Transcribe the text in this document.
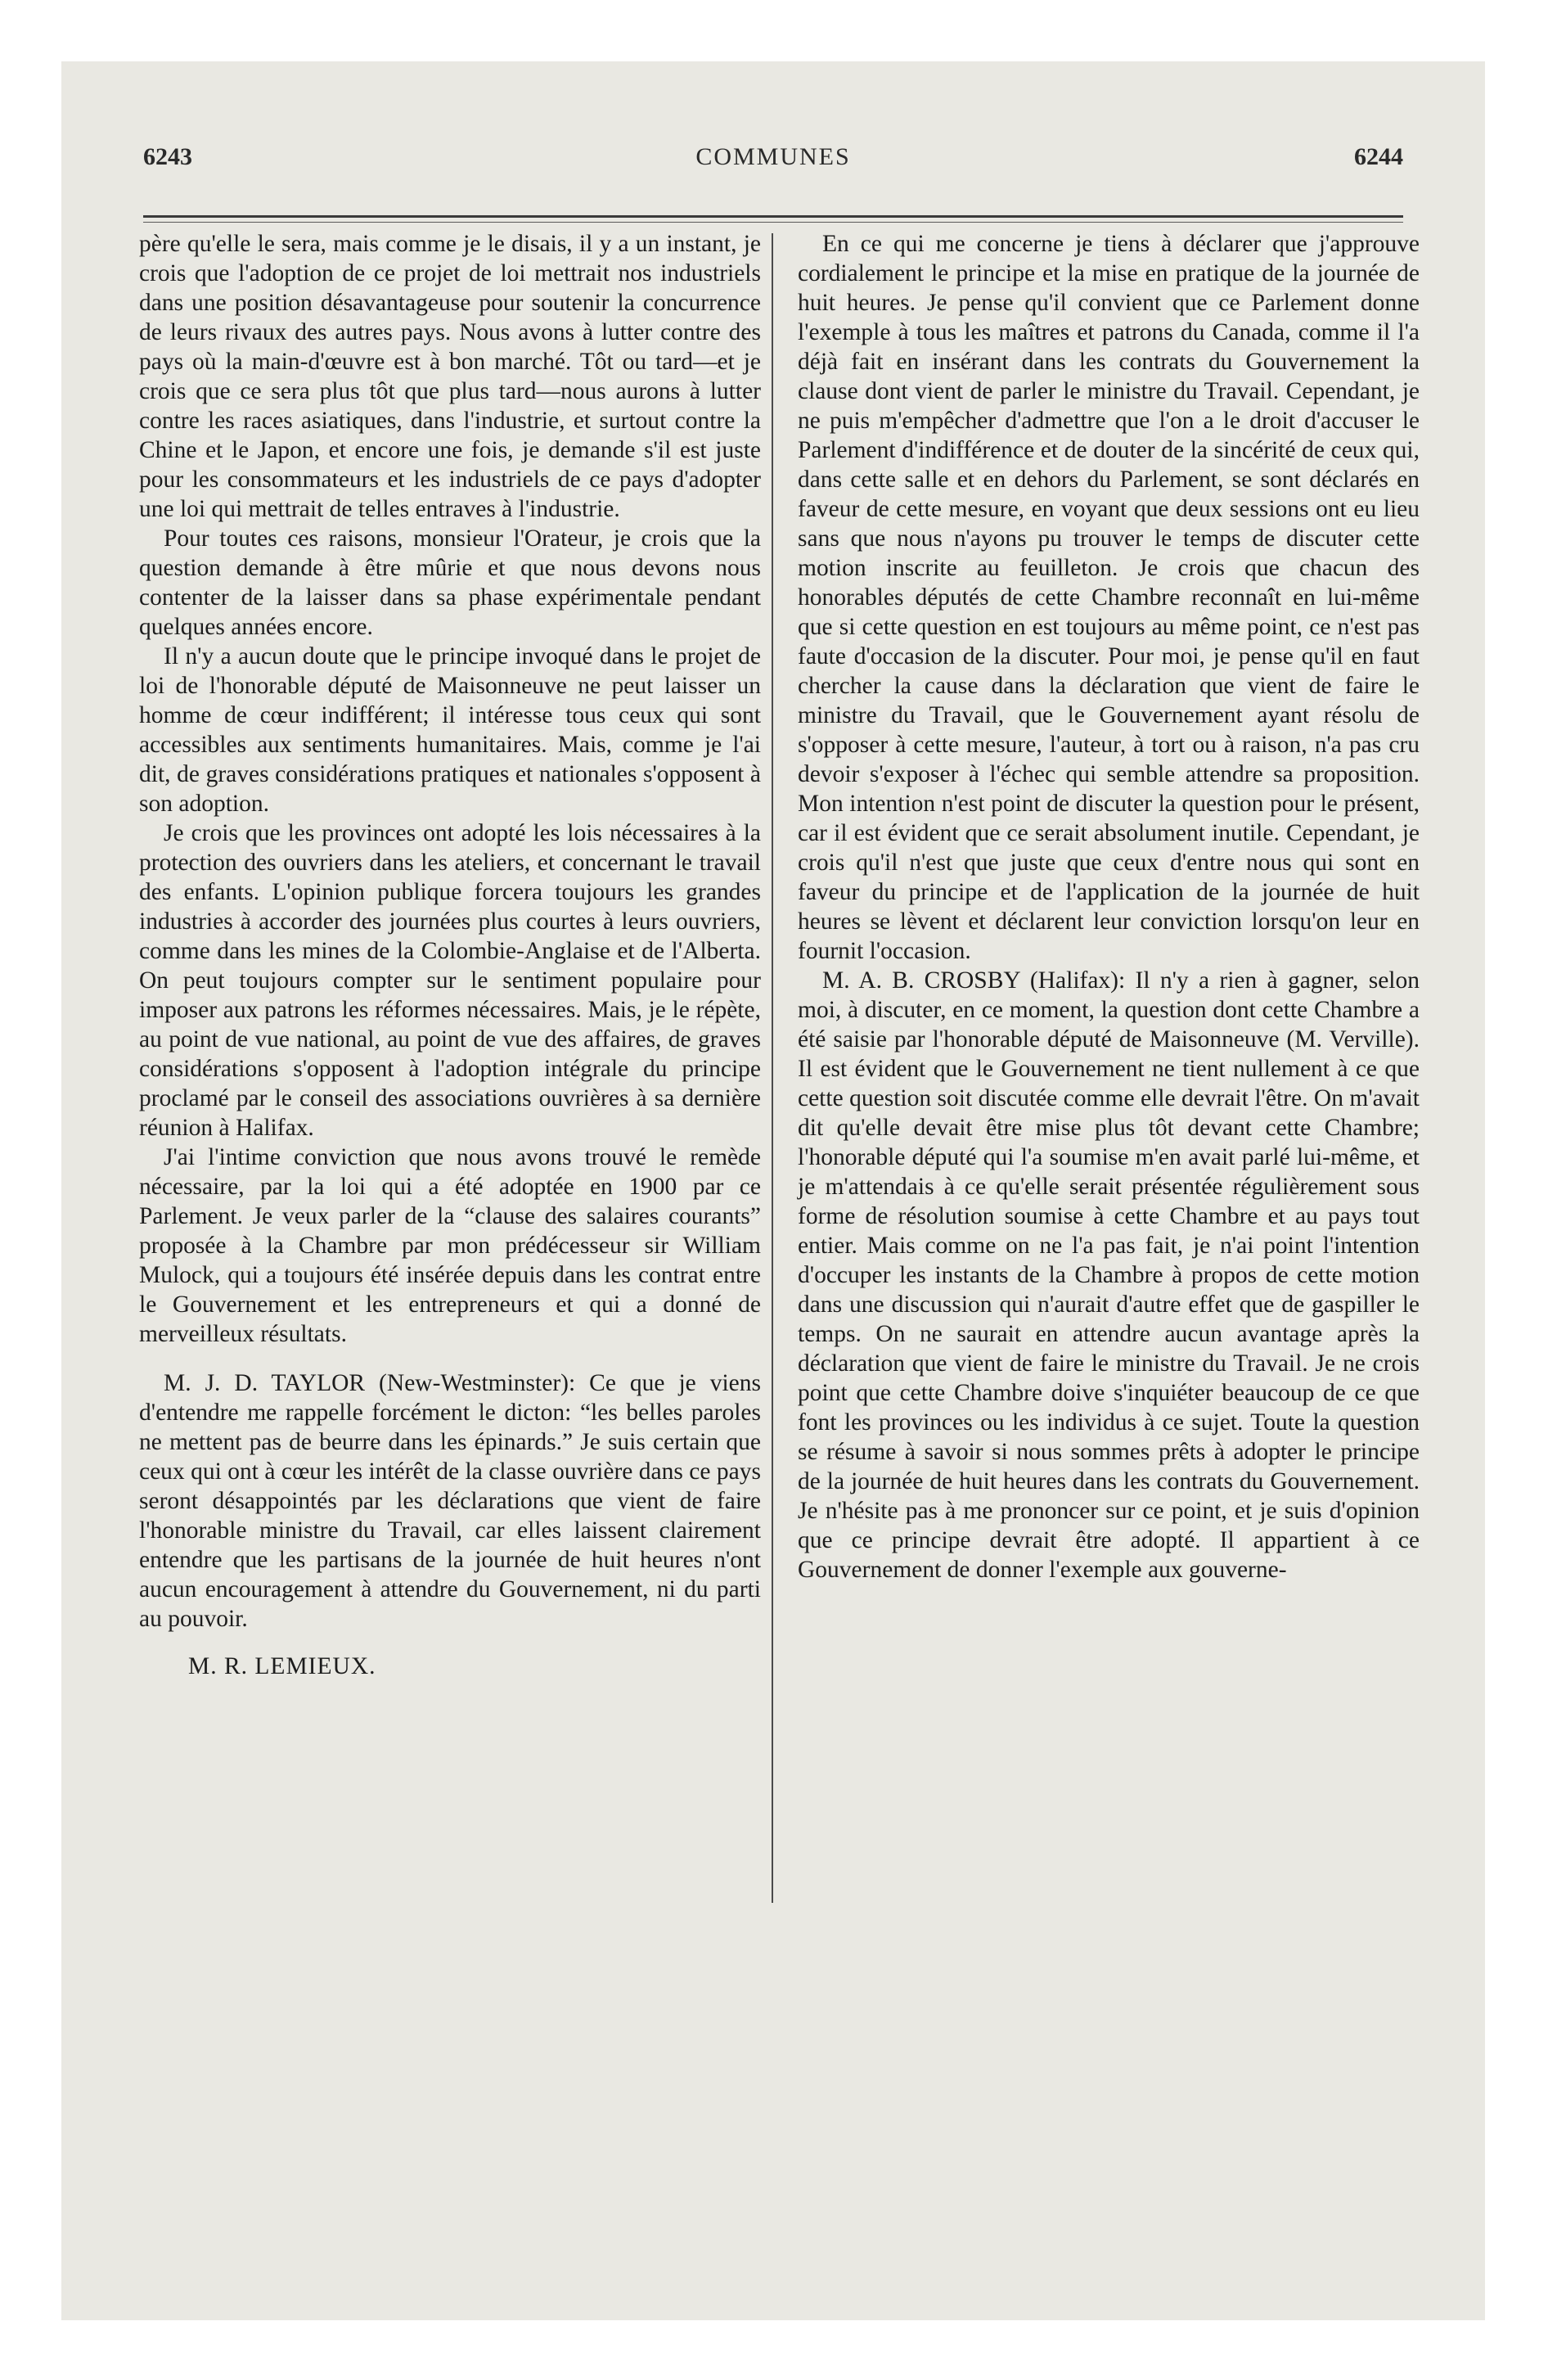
6243	COMMUNES	6244

père qu'elle le sera, mais comme je le disais, il y a un instant, je crois que l'adoption de ce projet de loi mettrait nos industriels dans une position désavantageuse pour soutenir la concurrence de leurs rivaux des autres pays. Nous avons à lutter contre des pays où la main-d'œuvre est à bon marché. Tôt ou tard—et je crois que ce sera plus tôt que plus tard—nous aurons à lutter contre les races asiatiques, dans l'industrie, et surtout contre la Chine et le Japon, et encore une fois, je demande s'il est juste pour les consommateurs et les industriels de ce pays d'adopter une loi qui mettrait de telles entraves à l'industrie.

Pour toutes ces raisons, monsieur l'Orateur, je crois que la question demande à être mûrie et que nous devons nous contenter de la laisser dans sa phase expérimentale pendant quelques années encore.

Il n'y a aucun doute que le principe invoqué dans le projet de loi de l'honorable député de Maisonneuve ne peut laisser un homme de cœur indifférent; il intéresse tous ceux qui sont accessibles aux sentiments humanitaires. Mais, comme je l'ai dit, de graves considérations pratiques et nationales s'opposent à son adoption.

Je crois que les provinces ont adopté les lois nécessaires à la protection des ouvriers dans les ateliers, et concernant le travail des enfants. L'opinion publique forcera toujours les grandes industries à accorder des journées plus courtes à leurs ouvriers, comme dans les mines de la Colombie-Anglaise et de l'Alberta. On peut toujours compter sur le sentiment populaire pour imposer aux patrons les réformes nécessaires. Mais, je le répète, au point de vue national, au point de vue des affaires, de graves considérations s'opposent à l'adoption intégrale du principe proclamé par le conseil des associations ouvrières à sa dernière réunion à Halifax.

J'ai l'intime conviction que nous avons trouvé le remède nécessaire, par la loi qui a été adoptée en 1900 par ce Parlement. Je veux parler de la “clause des salaires courants” proposée à la Chambre par mon prédécesseur sir William Mulock, qui a toujours été insérée depuis dans les contrat entre le Gouvernement et les entrepreneurs et qui a donné de merveilleux résultats.

M. J. D. TAYLOR (New-Westminster): Ce que je viens d'entendre me rappelle forcément le dicton: “les belles paroles ne mettent pas de beurre dans les épinards.” Je suis certain que ceux qui ont à cœur les intérêt de la classe ouvrière dans ce pays seront désappointés par les déclarations que vient de faire l'honorable ministre du Travail, car elles laissent clairement entendre que les partisans de la journée de huit heures n'ont aucun encouragement à attendre du Gouvernement, ni du parti au pouvoir.

M. R. LEMIEUX.

En ce qui me concerne je tiens à déclarer que j'approuve cordialement le principe et la mise en pratique de la journée de huit heures. Je pense qu'il convient que ce Parlement donne l'exemple à tous les maîtres et patrons du Canada, comme il l'a déjà fait en insérant dans les contrats du Gouvernement la clause dont vient de parler le ministre du Travail. Cependant, je ne puis m'empêcher d'admettre que l'on a le droit d'accuser le Parlement d'indifférence et de douter de la sincérité de ceux qui, dans cette salle et en dehors du Parlement, se sont déclarés en faveur de cette mesure, en voyant que deux sessions ont eu lieu sans que nous n'ayons pu trouver le temps de discuter cette motion inscrite au feuilleton. Je crois que chacun des honorables députés de cette Chambre reconnaît en lui-même que si cette question en est toujours au même point, ce n'est pas faute d'occasion de la discuter. Pour moi, je pense qu'il en faut chercher la cause dans la déclaration que vient de faire le ministre du Travail, que le Gouvernement ayant résolu de s'opposer à cette mesure, l'auteur, à tort ou à raison, n'a pas cru devoir s'exposer à l'échec qui semble attendre sa proposition. Mon intention n'est point de discuter la question pour le présent, car il est évident que ce serait absolument inutile. Cependant, je crois qu'il n'est que juste que ceux d'entre nous qui sont en faveur du principe et de l'application de la journée de huit heures se lèvent et déclarent leur conviction lorsqu'on leur en fournit l'occasion.

M. A. B. CROSBY (Halifax): Il n'y a rien à gagner, selon moi, à discuter, en ce moment, la question dont cette Chambre a été saisie par l'honorable député de Maisonneuve (M. Verville). Il est évident que le Gouvernement ne tient nullement à ce que cette question soit discutée comme elle devrait l'être. On m'avait dit qu'elle devait être mise plus tôt devant cette Chambre; l'honorable député qui l'a soumise m'en avait parlé lui-même, et je m'attendais à ce qu'elle serait présentée régulièrement sous forme de résolution soumise à cette Chambre et au pays tout entier. Mais comme on ne l'a pas fait, je n'ai point l'intention d'occuper les instants de la Chambre à propos de cette motion dans une discussion qui n'aurait d'autre effet que de gaspiller le temps. On ne saurait en attendre aucun avantage après la déclaration que vient de faire le ministre du Travail. Je ne crois point que cette Chambre doive s'inquiéter beaucoup de ce que font les provinces ou les individus à ce sujet. Toute la question se résume à savoir si nous sommes prêts à adopter le principe de la journée de huit heures dans les contrats du Gouvernement. Je n'hésite pas à me prononcer sur ce point, et je suis d'opinion que ce principe devrait être adopté. Il appartient à ce Gouvernement de donner l'exemple aux gouverne-
